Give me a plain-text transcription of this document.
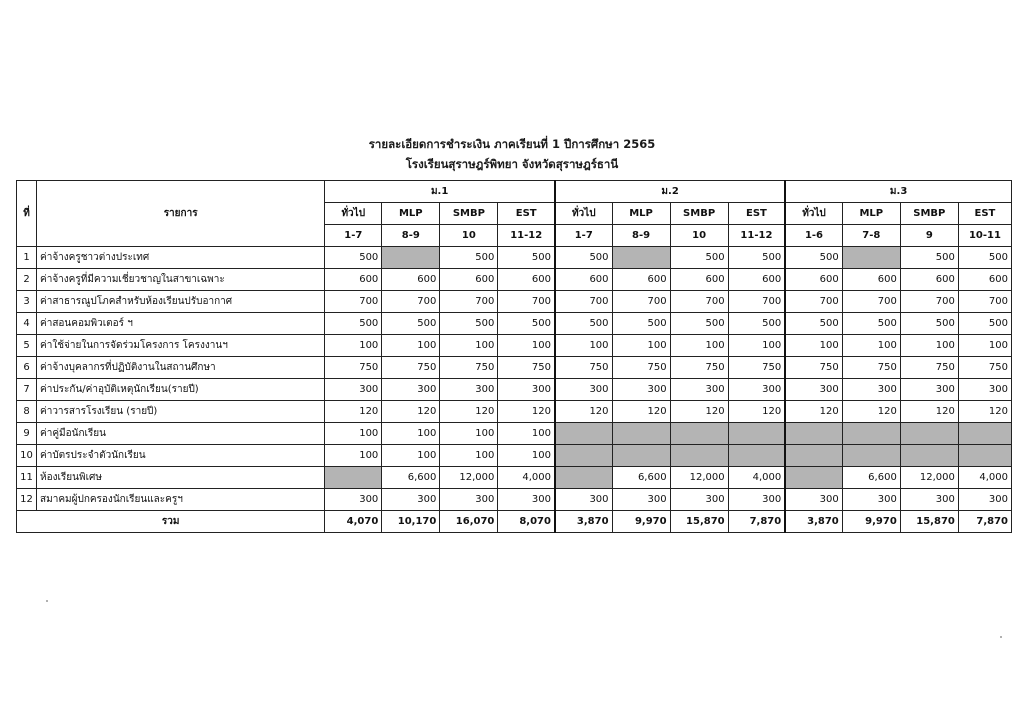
รายละเอียดการชำระเงิน ภาคเรียนที่ 1 ปีการศึกษา 2565
โรงเรียนสุราษฎร์พิทยา จังหวัดสุราษฎร์ธานี
ที่	รายการ	ม.1				ม.2				ม.3			
		ทั่วไป	MLP	SMBP	EST	ทั่วไป	MLP	SMBP	EST	ทั่วไป	MLP	SMBP	EST
		1-7	8-9	10	11-12	1-7	8-9	10	11-12	1-6	7-8	9	10-11
1	ค่าจ้างครูชาวต่างประเทศ	500		500	500	500		500	500	500		500	500
2	ค่าจ้างครูที่มีความเชี่ยวชาญในสาขาเฉพาะ	600	600	600	600	600	600	600	600	600	600	600	600
3	ค่าสาธารณูปโภคสำหรับห้องเรียนปรับอากาศ	700	700	700	700	700	700	700	700	700	700	700	700
4	ค่าสอนคอมพิวเตอร์ ฯ	500	500	500	500	500	500	500	500	500	500	500	500
5	ค่าใช้จ่ายในการจัดร่วมโครงการ โครงงานฯ	100	100	100	100	100	100	100	100	100	100	100	100
6	ค่าจ้างบุคลากรที่ปฏิบัติงานในสถานศึกษา	750	750	750	750	750	750	750	750	750	750	750	750
7	ค่าประกัน/ค่าอุบัติเหตุนักเรียน(รายปี)	300	300	300	300	300	300	300	300	300	300	300	300
8	ค่าวารสารโรงเรียน (รายปี)	120	120	120	120	120	120	120	120	120	120	120	120
9	ค่าคู่มือนักเรียน	100	100	100	100								
10	ค่าบัตรประจำตัวนักเรียน	100	100	100	100								
11	ห้องเรียนพิเศษ		6,600	12,000	4,000		6,600	12,000	4,000		6,600	12,000	4,000
12	สมาคมผู้ปกครองนักเรียนและครูฯ	300	300	300	300	300	300	300	300	300	300	300	300
รวม		4,070	10,170	16,070	8,070	3,870	9,970	15,870	7,870	3,870	9,970	15,870	7,870
